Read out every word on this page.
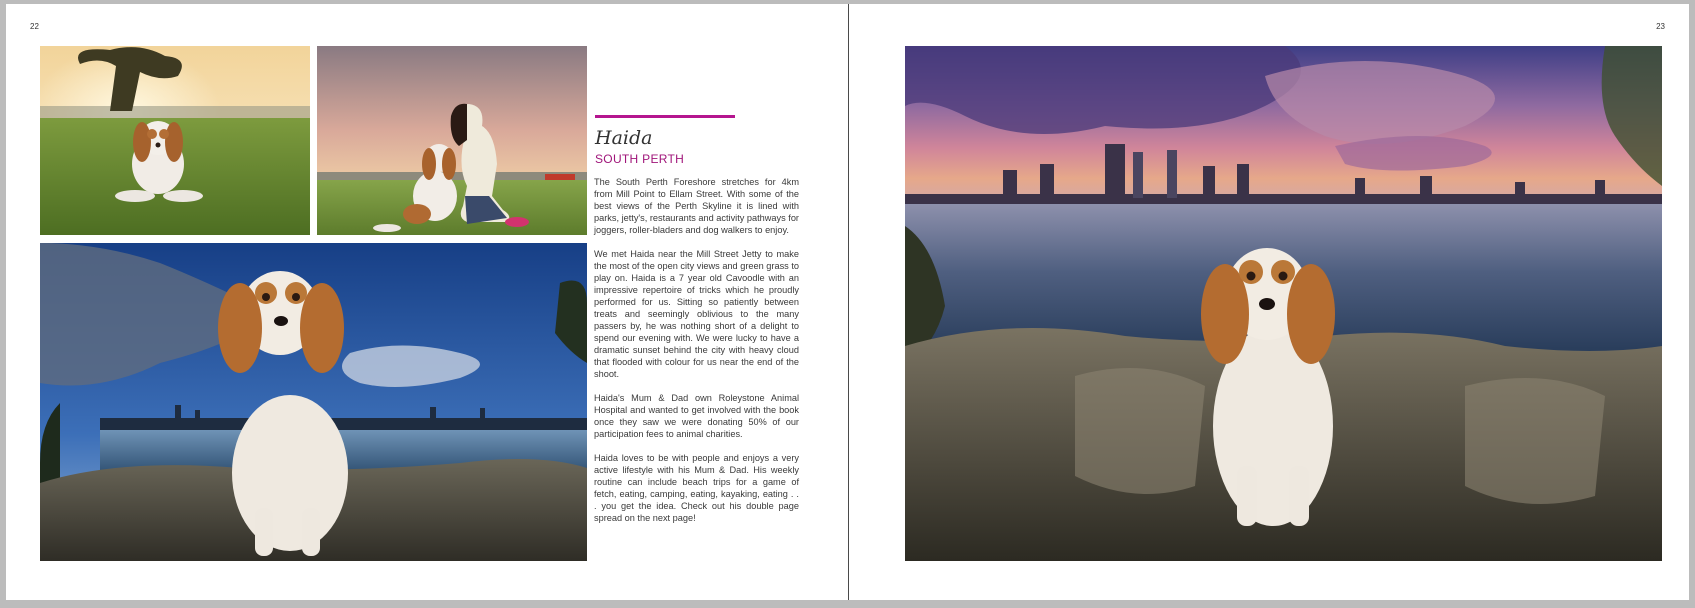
22
Haida
SOUTH PERTH

The South Perth Foreshore stretches for 4km from Mill Point to Ellam Street. With some of the best views of the Perth Skyline it is lined with parks, jetty's, restaurants and activity pathways for joggers, roller-bladers and dog walkers to enjoy.

We met Haida near the Mill Street Jetty to make the most of the open city views and green grass to play on. Haida is a 7 year old Cavoodle with an impressive repertoire of tricks which he proudly performed for us. Sitting so patiently between treats and seemingly oblivious to the many passers by, he was nothing short of a delight to spend our evening with. We were lucky to have a dramatic sunset behind the city with heavy cloud that flooded with colour for us near the end of the shoot.

Haida's Mum & Dad own Roleystone Animal Hospital and wanted to get involved with the book once they saw we were donating 50% of our participation fees to animal charities.

Haida loves to be with people and enjoys a very active lifestyle with his Mum & Dad. His weekly routine can include beach trips for a game of fetch, eating, camping, eating, kayaking, eating . . . you get the idea. Check out his double page spread on the next page!

23
